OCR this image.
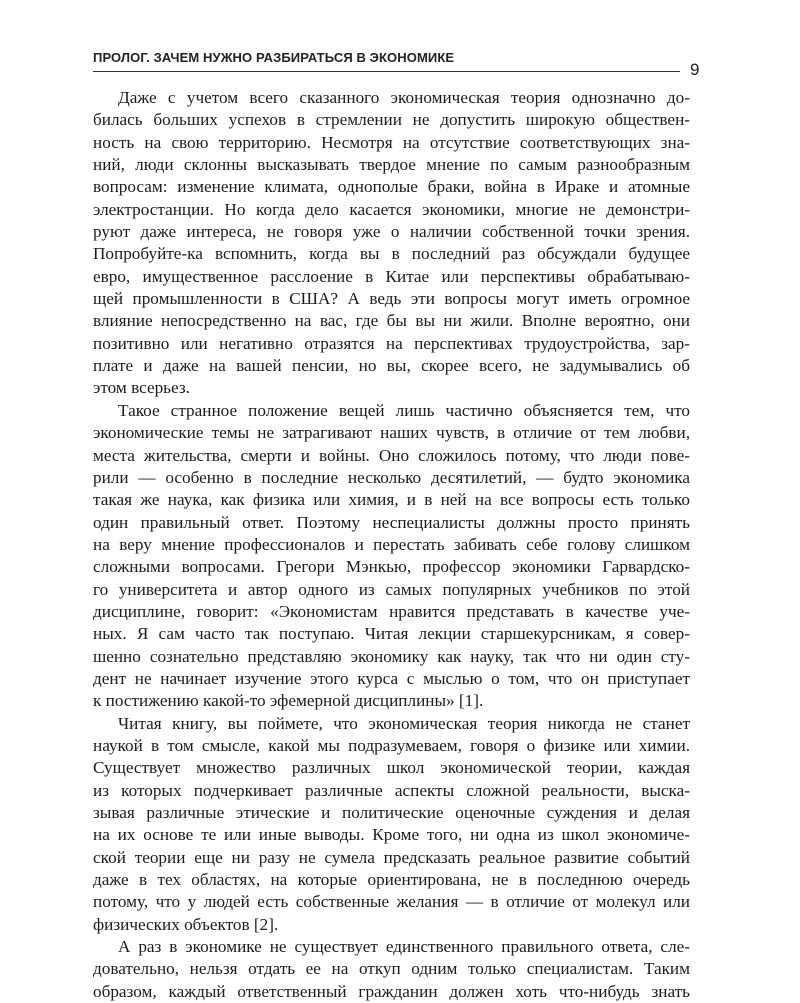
ПРОЛОГ. ЗАЧЕМ НУЖНО РАЗБИРАТЬСЯ В ЭКОНОМИКЕ
9
Даже с учетом всего сказанного экономическая теория однозначно до-
билась больших успехов в стремлении не допустить широкую обществен-
ность на свою территорию. Несмотря на отсутствие соответствующих зна-
ний, люди склонны высказывать твердое мнение по самым разнообразным
вопросам: изменение климата, однополые браки, война в Ираке и атомные
электростанции. Но когда дело касается экономики, многие не демонстри-
руют даже интереса, не говоря уже о наличии собственной точки зрения.
Попробуйте-ка вспомнить, когда вы в последний раз обсуждали будущее
евро, имущественное расслоение в Китае или перспективы обрабатываю-
щей промышленности в США? А ведь эти вопросы могут иметь огромное
влияние непосредственно на вас, где бы вы ни жили. Вполне вероятно, они
позитивно или негативно отразятся на перспективах трудоустройства, зар-
плате и даже на вашей пенсии, но вы, скорее всего, не задумывались об
этом всерьез.
Такое странное положение вещей лишь частично объясняется тем, что
экономические темы не затрагивают наших чувств, в отличие от тем любви,
места жительства, смерти и войны. Оно сложилось потому, что люди пове-
рили — особенно в последние несколько десятилетий, — будто экономика
такая же наука, как физика или химия, и в ней на все вопросы есть только
один правильный ответ. Поэтому неспециалисты должны просто принять
на веру мнение профессионалов и перестать забивать себе голову слишком
сложными вопросами. Грегори Мэнкью, профессор экономики Гарвардско-
го университета и автор одного из самых популярных учебников по этой
дисциплине, говорит: «Экономистам нравится представать в качестве уче-
ных. Я сам часто так поступаю. Читая лекции старшекурсникам, я совер-
шенно сознательно представляю экономику как науку, так что ни один сту-
дент не начинает изучение этого курса с мыслью о том, что он приступает
к постижению какой-то эфемерной дисциплины» [1].
Читая книгу, вы поймете, что экономическая теория никогда не станет
наукой в том смысле, какой мы подразумеваем, говоря о физике или химии.
Существует множество различных школ экономической теории, каждая
из которых подчеркивает различные аспекты сложной реальности, выска-
зывая различные этические и политические оценочные суждения и делая
на их основе те или иные выводы. Кроме того, ни одна из школ экономиче-
ской теории еще ни разу не сумела предсказать реальное развитие событий
даже в тех областях, на которые ориентирована, не в последнюю очередь
потому, что у людей есть собственные желания — в отличие от молекул или
физических объектов [2].
А раз в экономике не существует единственного правильного ответа, сле-
довательно, нельзя отдать ее на откуп одним только специалистам. Таким
образом, каждый ответственный гражданин должен хоть что-нибудь знать
